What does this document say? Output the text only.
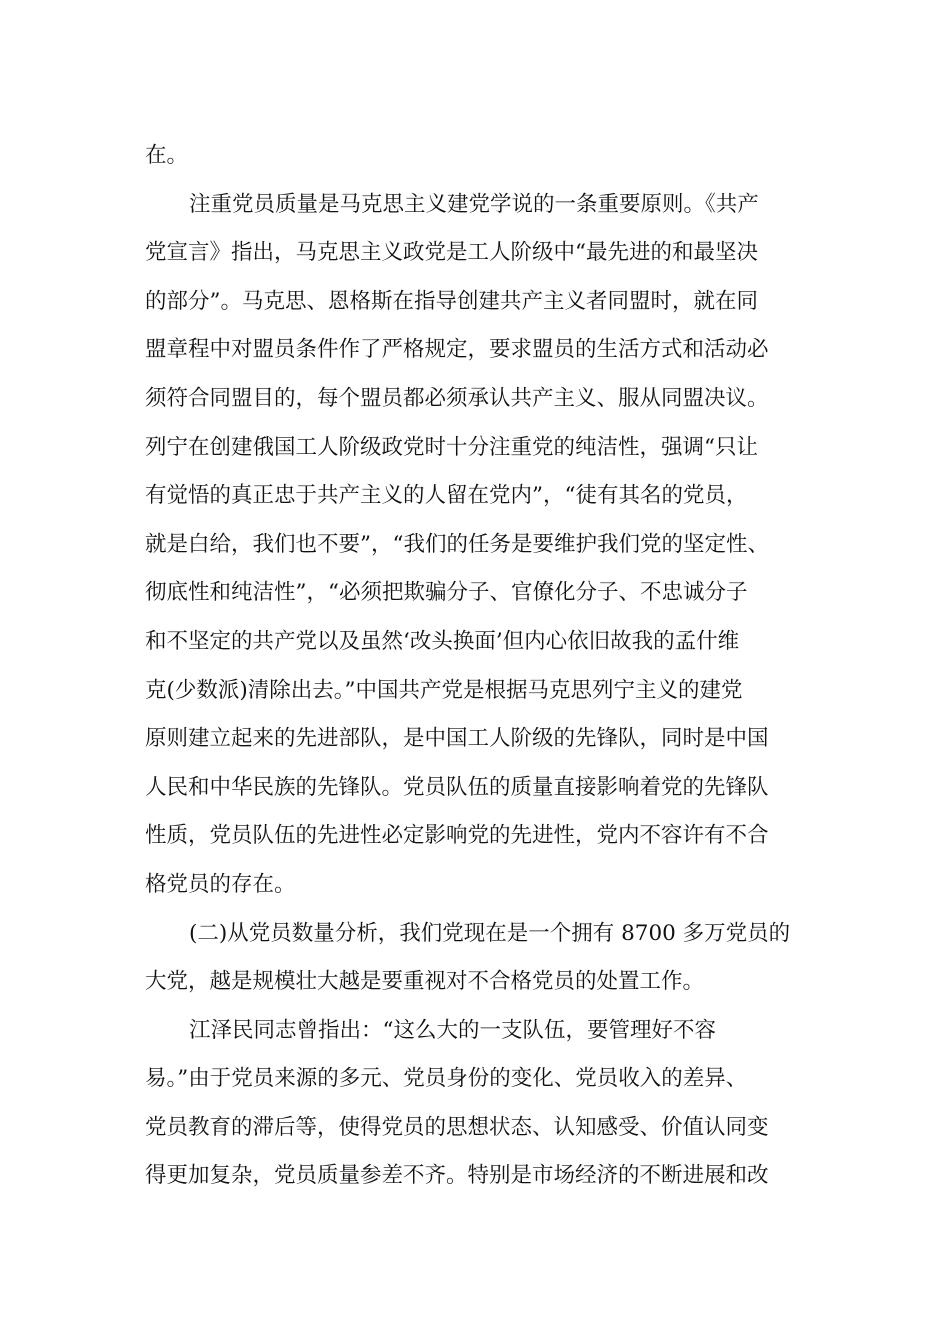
在。
注重党员质量是马克思主义建党学说的一条重要原则。《共产
党宣言》指出，马克思主义政党是工人阶级中“最先进的和最坚决
的部分”。马克思、恩格斯在指导创建共产主义者同盟时，就在同
盟章程中对盟员条件作了严格规定，要求盟员的生活方式和活动必
须符合同盟目的，每个盟员都必须承认共产主义、服从同盟决议。
列宁在创建俄国工人阶级政党时十分注重党的纯洁性，强调“只让
有觉悟的真正忠于共产主义的人留在党内”，“徒有其名的党员，
就是白给，我们也不要”，“我们的任务是要维护我们党的坚定性、
彻底性和纯洁性”，“必须把欺骗分子、官僚化分子、不忠诚分子
和不坚定的共产党以及虽然‘改头换面’但内心依旧故我的孟什维
克(少数派)清除出去。”中国共产党是根据马克思列宁主义的建党
原则建立起来的先进部队，是中国工人阶级的先锋队，同时是中国
人民和中华民族的先锋队。党员队伍的质量直接影响着党的先锋队
性质，党员队伍的先进性必定影响党的先进性，党内不容许有不合
格党员的存在。
(二)从党员数量分析，我们党现在是一个拥有 8700 多万党员的
大党，越是规模壮大越是要重视对不合格党员的处置工作。
江泽民同志曾指出：“这么大的一支队伍，要管理好不容
易。”由于党员来源的多元、党员身份的变化、党员收入的差异、
党员教育的滞后等，使得党员的思想状态、认知感受、价值认同变
得更加复杂，党员质量参差不齐。特别是市场经济的不断进展和改
